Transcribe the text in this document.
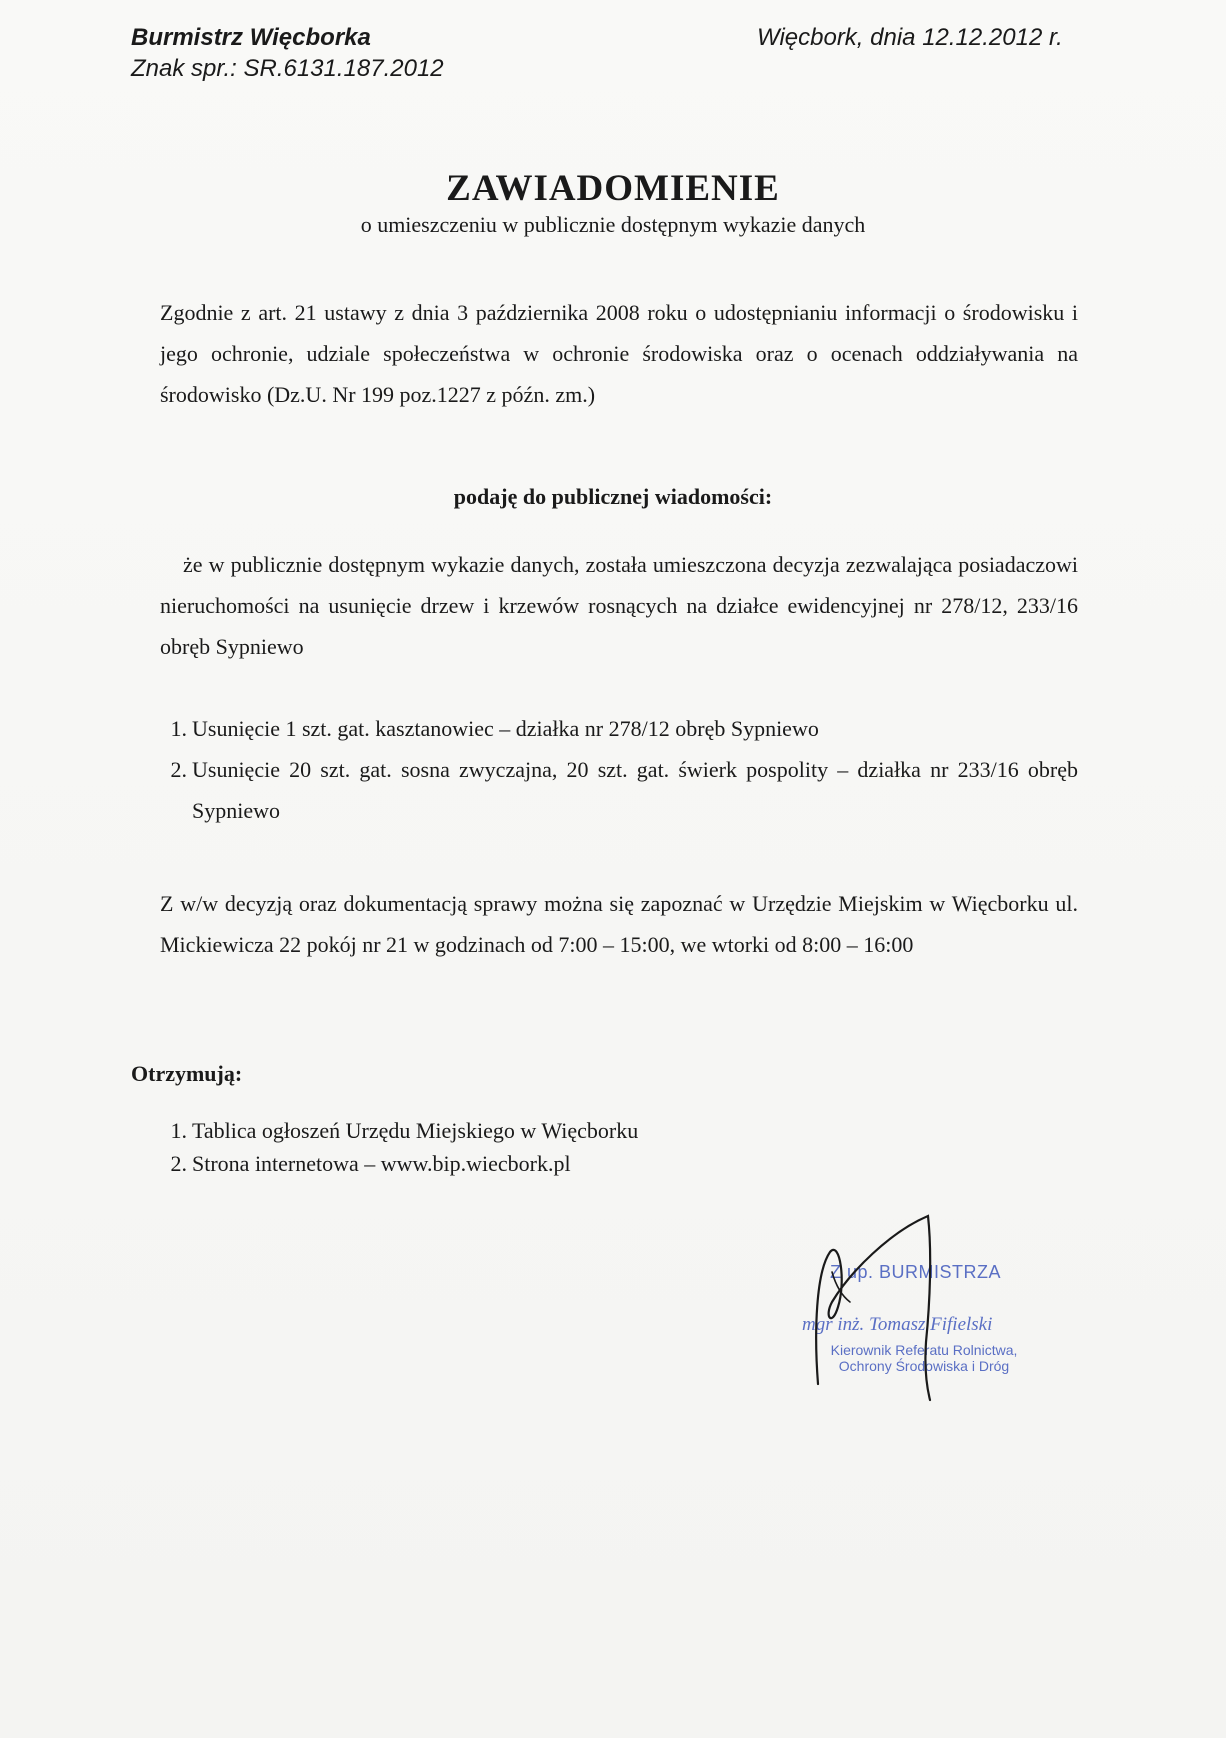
Burmistrz Więcborka
Znak spr.: SR.6131.187.2012
Więcbork, dnia 12.12.2012 r.
ZAWIADOMIENIE
o umieszczeniu w publicznie dostępnym wykazie danych
Zgodnie z art. 21 ustawy z dnia 3 października 2008 roku o udostępnianiu informacji o środowisku i jego ochronie, udziale społeczeństwa w ochronie środowiska oraz o ocenach oddziaływania na środowisko (Dz.U. Nr 199 poz.1227 z późn. zm.)
podaję do publicznej wiadomości:
że w publicznie dostępnym wykazie danych, została umieszczona decyzja zezwalająca posiadaczowi nieruchomości na usunięcie drzew i krzewów rosnących na działce ewidencyjnej nr 278/12, 233/16 obręb Sypniewo
1. Usunięcie 1 szt. gat. kasztanowiec – działka nr 278/12 obręb Sypniewo
2. Usunięcie 20 szt. gat. sosna zwyczajna, 20 szt. gat. świerk pospolity – działka nr 233/16 obręb Sypniewo
Z w/w decyzją oraz dokumentacją sprawy można się zapoznać w Urzędzie Miejskim w Więcborku ul. Mickiewicza 22 pokój nr 21 w godzinach od 7:00 – 15:00, we wtorki od 8:00 – 16:00
Otrzymują:
1. Tablica ogłoszeń Urzędu Miejskiego w Więcborku
2. Strona internetowa – www.bip.wiecbork.pl
Z up. BURMISTRZA
mgr inż. Tomasz Fifielski
Kierownik Referatu Rolnictwa, Ochrony Środowiska i Dróg
